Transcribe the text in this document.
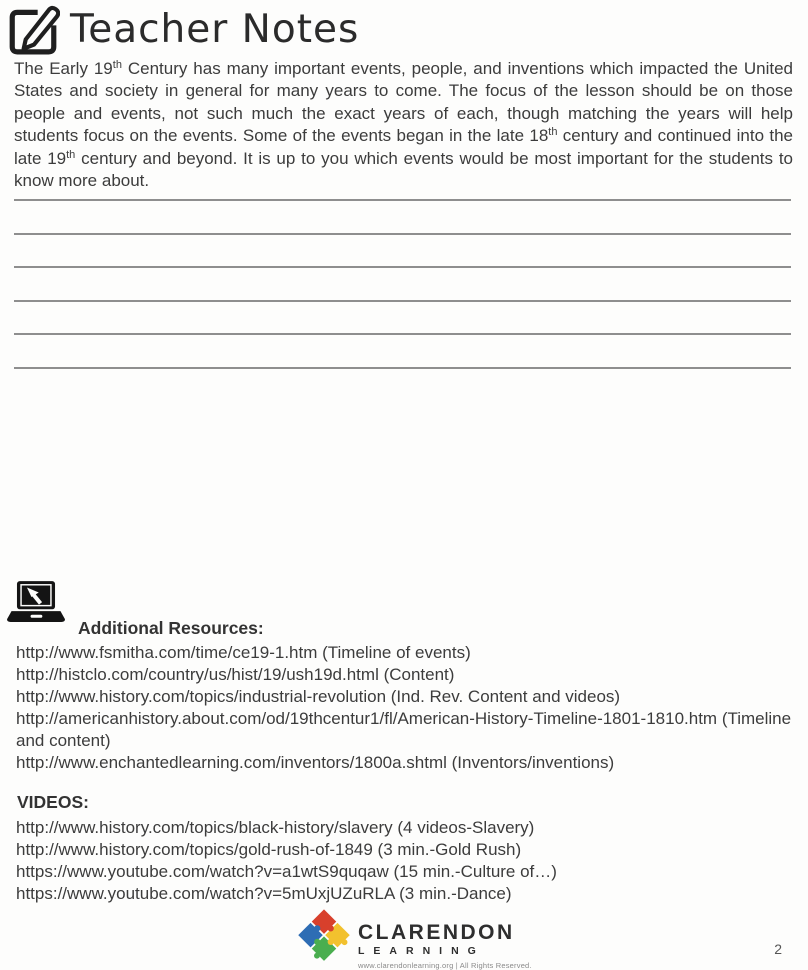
Teacher Notes

The Early 19th Century has many important events, people, and inventions which impacted the United States and society in general for many years to come. The focus of the lesson should be on those people and events, not such much the exact years of each, though matching the years will help students focus on the events. Some of the events began in the late 18th century and continued into the late 19th century and beyond. It is up to you which events would be most important for the students to know more about.

Additional Resources:
http://www.fsmitha.com/time/ce19-1.htm (Timeline of events)
http://histclo.com/country/us/hist/19/ush19d.html (Content)
http://www.history.com/topics/industrial-revolution (Ind. Rev. Content and videos)
http://americanhistory.about.com/od/19thcentur1/fl/American-History-Timeline-1801-1810.htm (Timeline and content)
http://www.enchantedlearning.com/inventors/1800a.shtml (Inventors/inventions)
VIDEOS:
http://www.history.com/topics/black-history/slavery (4 videos-Slavery)
http://www.history.com/topics/gold-rush-of-1849 (3 min.-Gold Rush)
https://www.youtube.com/watch?v=a1wtS9quqaw (15 min.-Culture of…)
https://www.youtube.com/watch?v=5mUxjUZuRLA (3 min.-Dance)
CLARENDON
LEARNING
www.clarendonlearning.org | All Rights Reserved.
2
